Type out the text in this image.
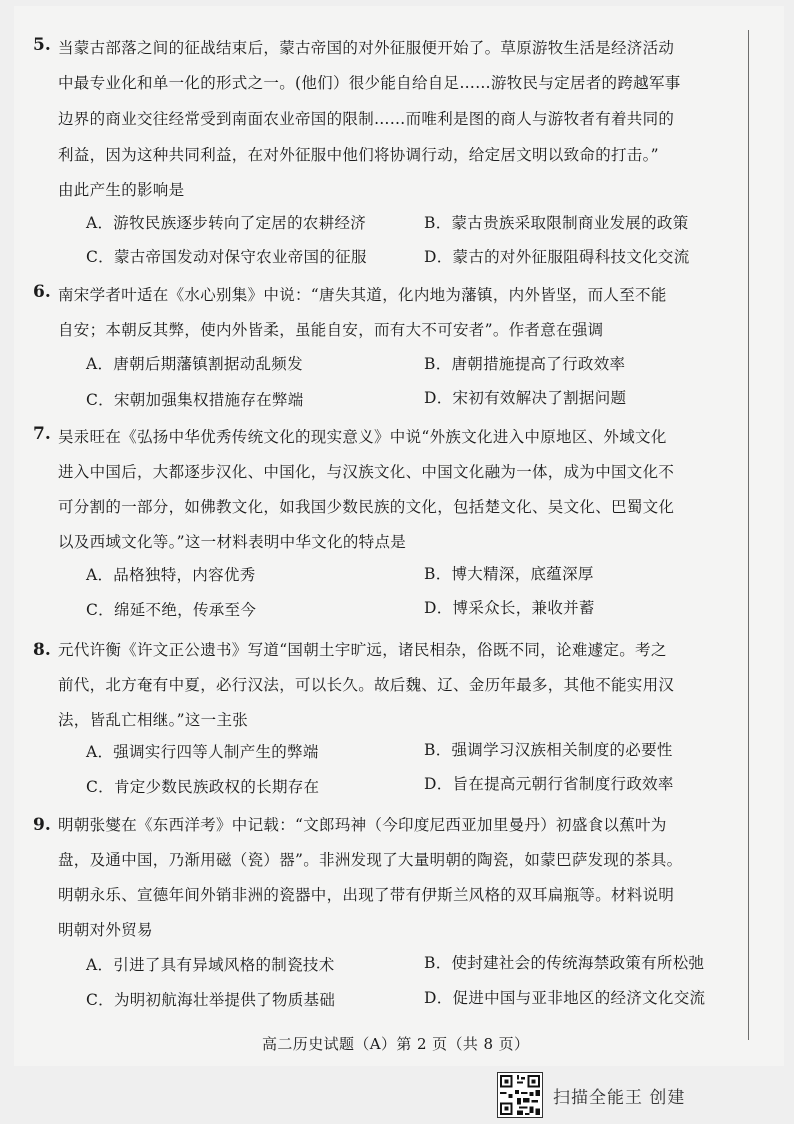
5. 当蒙古部落之间的征战结束后，蒙古帝国的对外征服便开始了。草原游牧生活是经济活动
中最专业化和单一化的形式之一。(他们）很少能自给自足……游牧民与定居者的跨越军事
边界的商业交往经常受到南面农业帝国的限制……而唯利是图的商人与游牧者有着共同的
利益，因为这种共同利益，在对外征服中他们将协调行动，给定居文明以致命的打击。”
由此产生的影响是
A．游牧民族逐步转向了定居的农耕经济	B．蒙古贵族采取限制商业发展的政策
C．蒙古帝国发动对保守农业帝国的征服	D．蒙古的对外征服阻碍科技文化交流
6. 南宋学者叶适在《水心别集》中说：“唐失其道，化内地为藩镇，内外皆坚，而人至不能
自安；本朝反其弊，使内外皆柔，虽能自安，而有大不可安者”。作者意在强调
A．唐朝后期藩镇割据动乱频发	B．唐朝措施提高了行政效率
C．宋朝加强集权措施存在弊端	D．宋初有效解决了割据问题
7. 吴汞旺在《弘扬中华优秀传统文化的现实意义》中说“外族文化进入中原地区、外域文化
进入中国后，大都逐步汉化、中国化，与汉族文化、中国文化融为一体，成为中国文化不
可分割的一部分，如佛教文化，如我国少数民族的文化，包括楚文化、吴文化、巴蜀文化
以及西域文化等。”这一材料表明中华文化的特点是
A．品格独特，内容优秀	B．博大精深，底蕴深厚
C．绵延不绝，传承至今	D．博采众长，兼收并蓄
8. 元代许衡《许文正公遗书》写道“国朝土宇旷远，诸民相杂，俗既不同，论难遽定。考之
前代，北方奄有中夏，必行汉法，可以长久。故后魏、辽、金历年最多，其他不能实用汉
法，皆乱亡相继。”这一主张
A．强调实行四等人制产生的弊端	B．强调学习汉族相关制度的必要性
C．肯定少数民族政权的长期存在	D．旨在提高元朝行省制度行政效率
9. 明朝张燮在《东西洋考》中记载：“文郎玛神（今印度尼西亚加里曼丹）初盛食以蕉叶为
盘，及通中国，乃渐用磁（瓷）器”。非洲发现了大量明朝的陶瓷，如蒙巴萨发现的茶具。
明朝永乐、宣德年间外销非洲的瓷器中，出现了带有伊斯兰风格的双耳扁瓶等。材料说明
明朝对外贸易
A．引进了具有异域风格的制瓷技术	B．使封建社会的传统海禁政策有所松弛
C．为明初航海壮举提供了物质基础	D．促进中国与亚非地区的经济文化交流
高二历史试题（A）第 2 页（共 8 页）
扫描全能王 创建
